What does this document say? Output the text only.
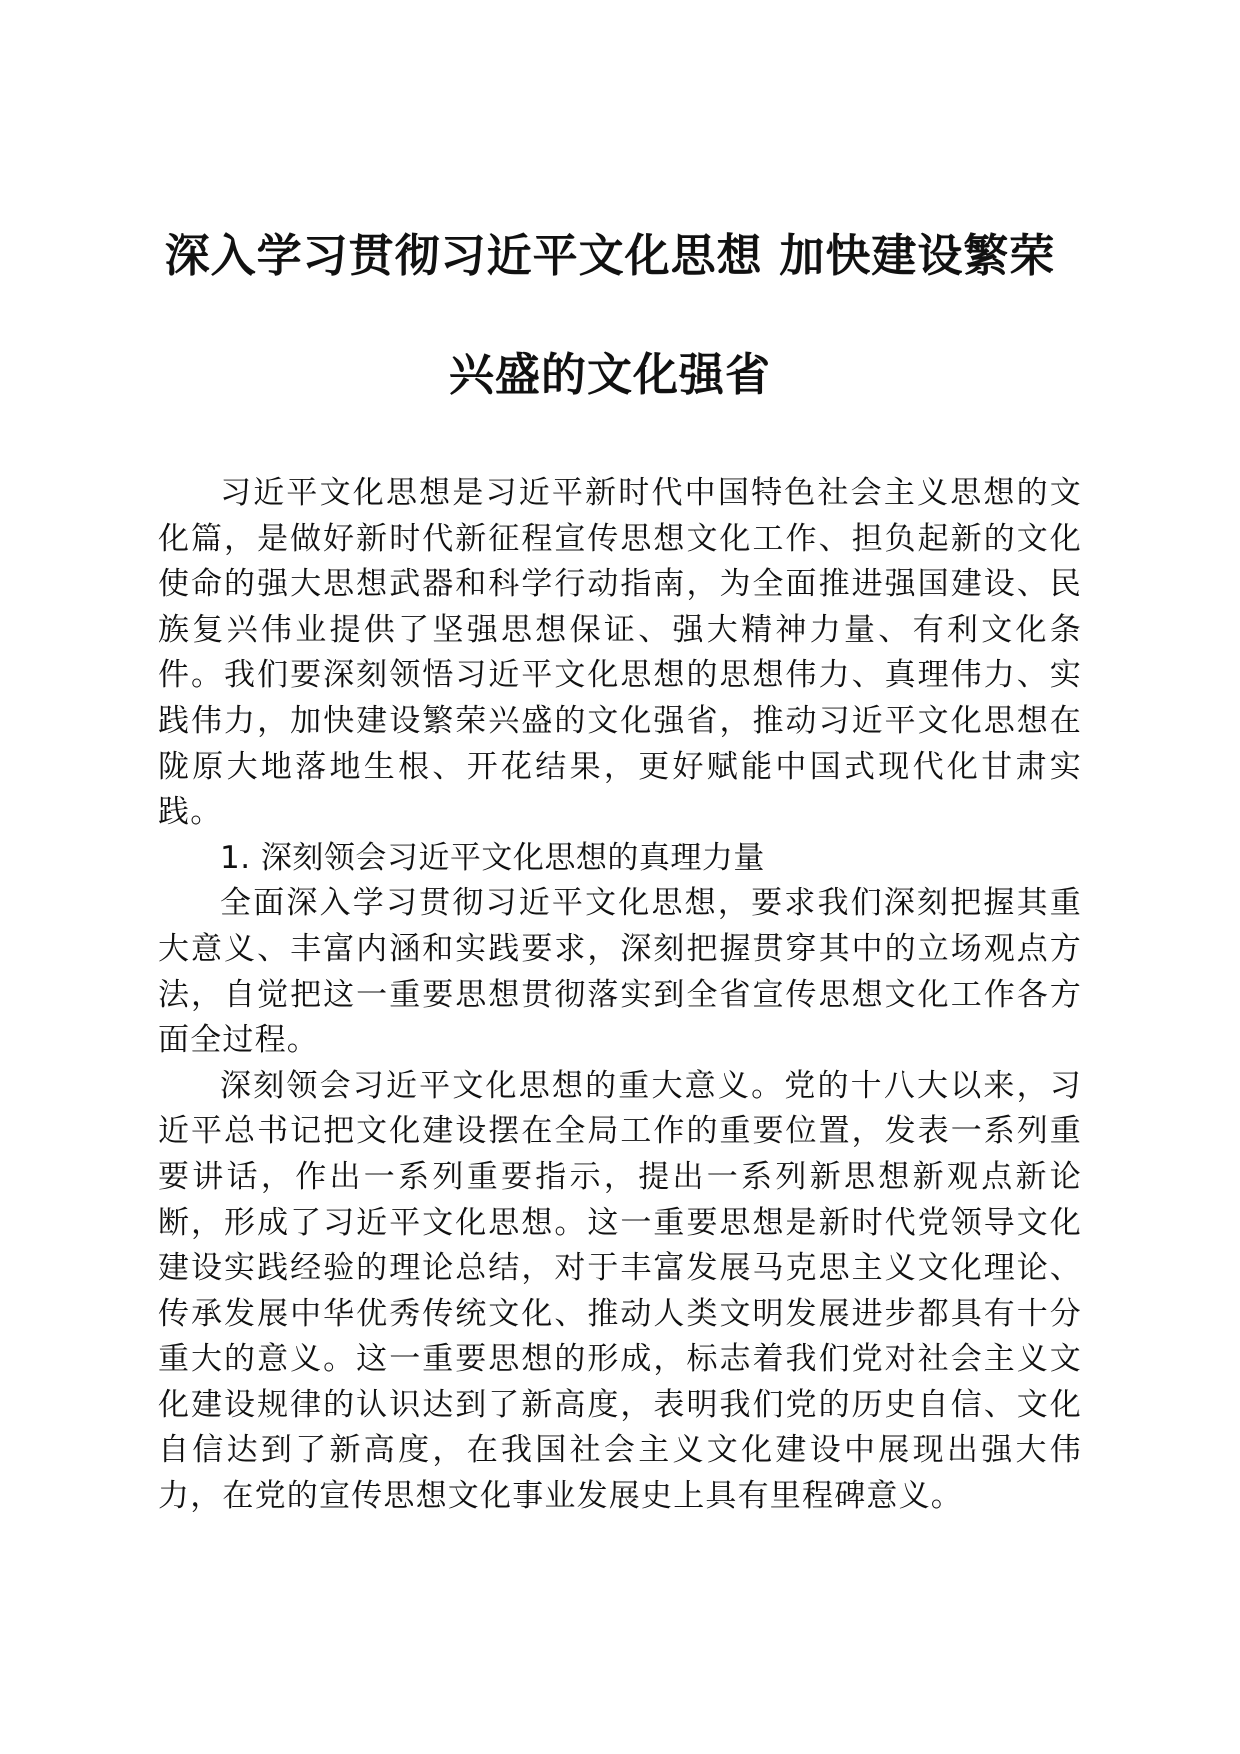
深入学习贯彻习近平文化思想 加快建设繁荣
兴盛的文化强省

习近平文化思想是习近平新时代中国特色社会主义思想的文化篇，是做好新时代新征程宣传思想文化工作、担负起新的文化使命的强大思想武器和科学行动指南，为全面推进强国建设、民族复兴伟业提供了坚强思想保证、强大精神力量、有利文化条件。我们要深刻领悟习近平文化思想的思想伟力、真理伟力、实践伟力，加快建设繁荣兴盛的文化强省，推动习近平文化思想在陇原大地落地生根、开花结果，更好赋能中国式现代化甘肃实践。

1. 深刻领会习近平文化思想的真理力量

全面深入学习贯彻习近平文化思想，要求我们深刻把握其重大意义、丰富内涵和实践要求，深刻把握贯穿其中的立场观点方法，自觉把这一重要思想贯彻落实到全省宣传思想文化工作各方面全过程。

深刻领会习近平文化思想的重大意义。党的十八大以来，习近平总书记把文化建设摆在全局工作的重要位置，发表一系列重要讲话，作出一系列重要指示，提出一系列新思想新观点新论断，形成了习近平文化思想。这一重要思想是新时代党领导文化建设实践经验的理论总结，对于丰富发展马克思主义文化理论、传承发展中华优秀传统文化、推动人类文明发展进步都具有十分重大的意义。这一重要思想的形成，标志着我们党对社会主义文化建设规律的认识达到了新高度，表明我们党的历史自信、文化自信达到了新高度，在我国社会主义文化建设中展现出强大伟力，在党的宣传思想文化事业发展史上具有里程碑意义。
